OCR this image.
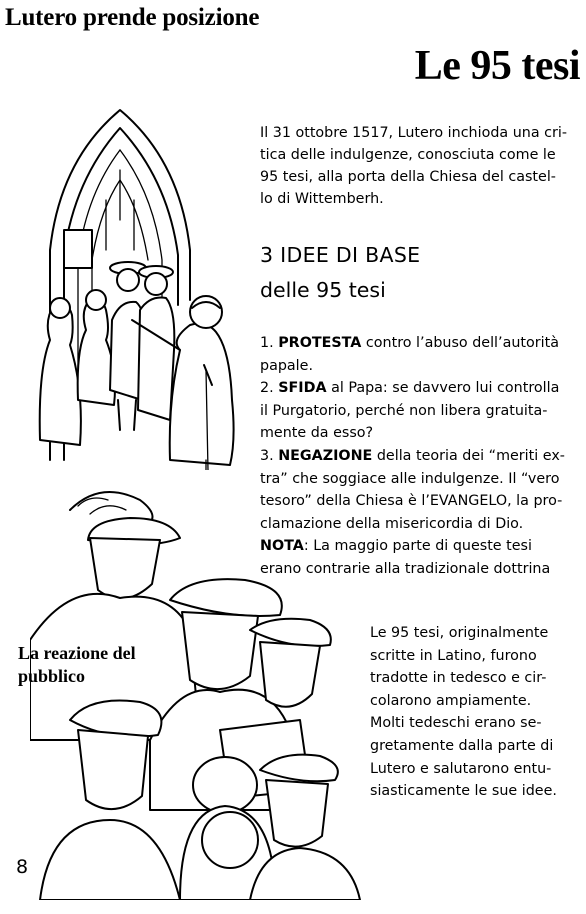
Lutero prende posizione
Le 95 tesi
Il 31 ottobre 1517, Lutero inchioda una cri-
tica delle indulgenze, conosciuta come le
95 tesi, alla porta della Chiesa del castel-
lo di Wittemberh.
3 IDEE DI BASE
delle 95 tesi
1. PROTESTA contro l’abuso dell’autorità
papale.
2. SFIDA al Papa: se davvero lui controlla
il Purgatorio, perché non libera gratuita-
mente da esso?
3. NEGAZIONE della teoria dei “meriti ex-
tra” che soggiace alle indulgenze. Il “vero
tesoro” della Chiesa è l’EVANGELO, la pro-
clamazione della misericordia di Dio.
NOTA: La maggio parte di queste tesi
erano contrarie alla tradizionale dottrina
La reazione del
pubblico
Le 95 tesi, originalmente
scritte in Latino, furono
tradotte in tedesco e cir-
colarono ampiamente.
Molti tedeschi erano se-
gretamente dalla parte di
Lutero e salutarono entu-
siasticamente le sue idee.
8
